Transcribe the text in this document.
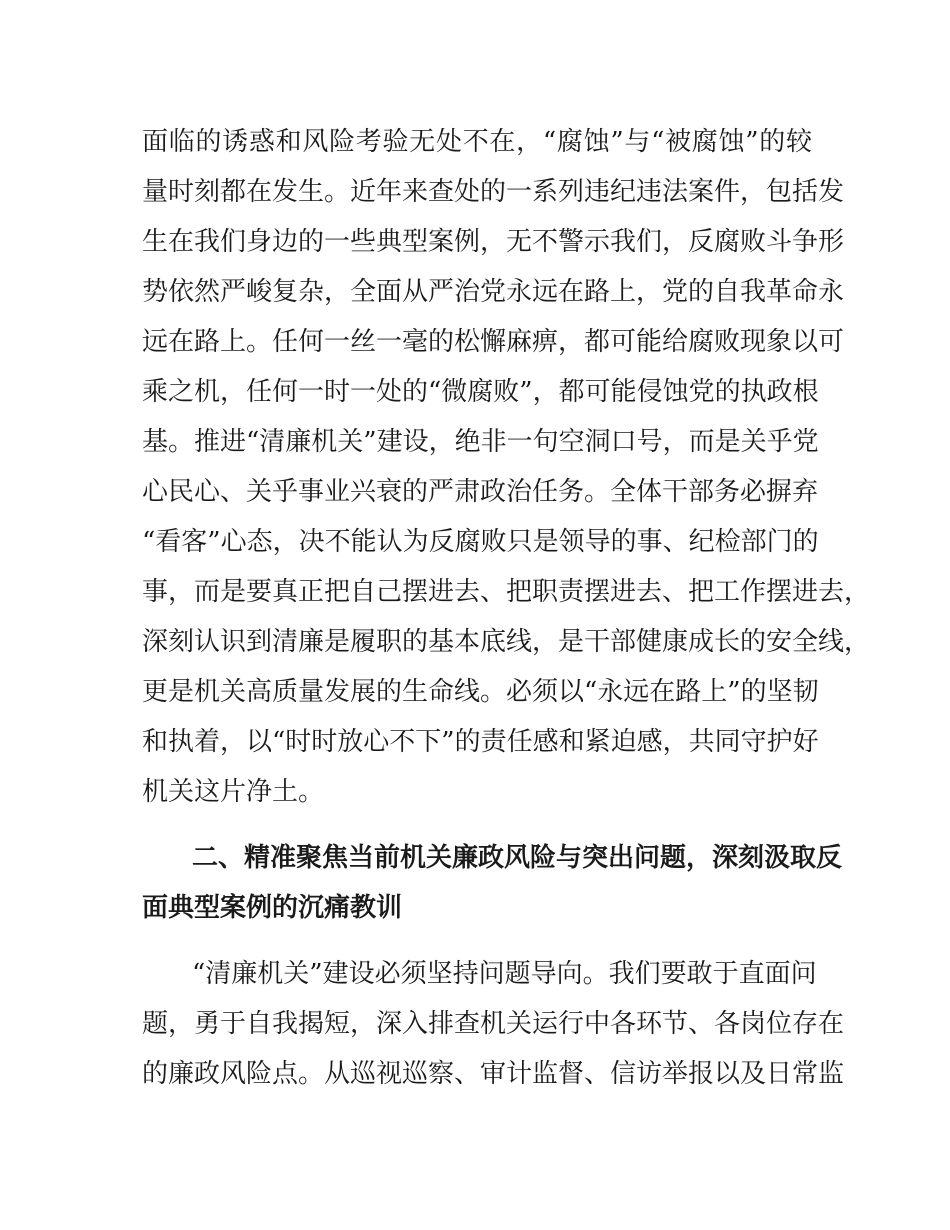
面临的诱惑和风险考验无处不在，“腐蚀”与“被腐蚀”的较
量时刻都在发生。近年来查处的一系列违纪违法案件，包括发
生在我们身边的一些典型案例，无不警示我们，反腐败斗争形
势依然严峻复杂，全面从严治党永远在路上，党的自我革命永
远在路上。任何一丝一毫的松懈麻痹，都可能给腐败现象以可
乘之机，任何一时一处的“微腐败”，都可能侵蚀党的执政根
基。推进“清廉机关”建设，绝非一句空洞口号，而是关乎党
心民心、关乎事业兴衰的严肃政治任务。全体干部务必摒弃
“看客”心态，决不能认为反腐败只是领导的事、纪检部门的
事，而是要真正把自己摆进去、把职责摆进去、把工作摆进去，
深刻认识到清廉是履职的基本底线，是干部健康成长的安全线，
更是机关高质量发展的生命线。必须以“永远在路上”的坚韧
和执着，以“时时放心不下”的责任感和紧迫感，共同守护好
机关这片净土。
二、精准聚焦当前机关廉政风险与突出问题，深刻汲取反
面典型案例的沉痛教训
“清廉机关”建设必须坚持问题导向。我们要敢于直面问
题，勇于自我揭短，深入排查机关运行中各环节、各岗位存在
的廉政风险点。从巡视巡察、审计监督、信访举报以及日常监
